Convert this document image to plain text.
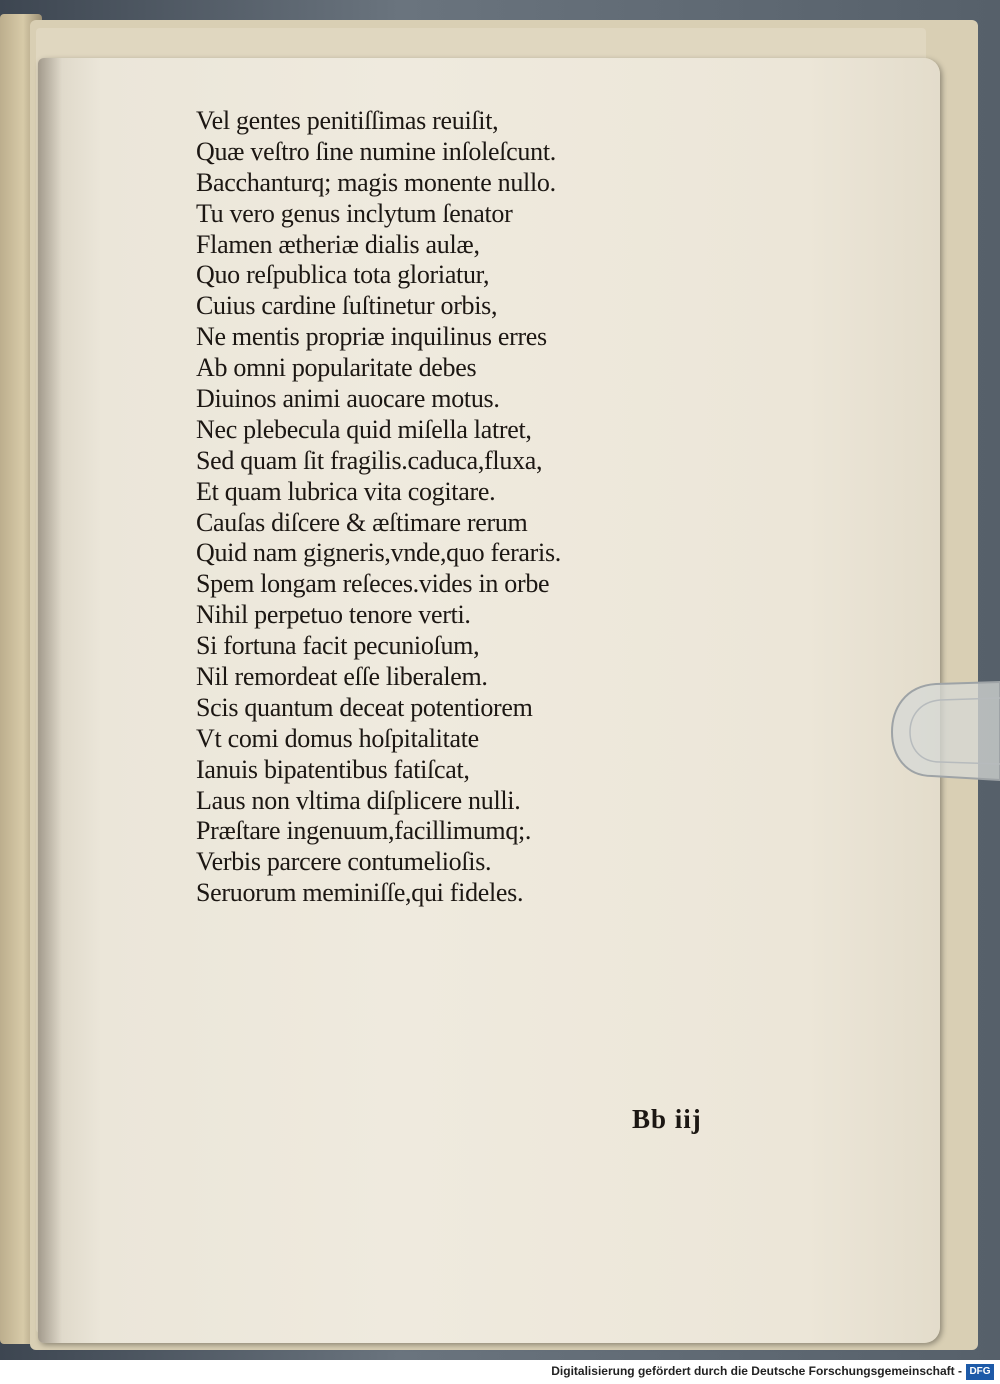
Vel gentes penitiſſimas reuiſit,
Quæ veſtro ſine numine inſoleſcunt.
Bacchanturq; magis monente nullo.
Tu vero genus inclytum ſenator
Flamen ætheriæ dialis aulæ,
Quo reſpublica tota gloriatur,
Cuius cardine ſuſtinetur orbis,
Ne mentis propriæ inquilinus erres
Ab omni popularitate debes
Diuinos animi auocare motus.
Nec plebecula quid miſella latret,
Sed quam ſit fragilis.caduca,fluxa,
Et quam lubrica vita cogitare.
Cauſas diſcere & æſtimare rerum
Quid nam gigneris,vnde,quo feraris.
Spem longam reſeces.vides in orbe
Nihil perpetuo tenore verti.
Si fortuna facit pecunioſum,
Nil remordeat eſſe liberalem.
Scis quantum deceat potentiorem
Vt comi domus hoſpitalitate
Ianuis bipatentibus fatiſcat,
Laus non vltima diſplicere nulli.
Præſtare ingenuum,facillimumq;.
Verbis parcere contumelioſis.
Seruorum meminiſſe,qui fideles.
Bb iij
Digitalisierung gefördert durch die Deutsche Forschungsgemeinschaft - DFG
